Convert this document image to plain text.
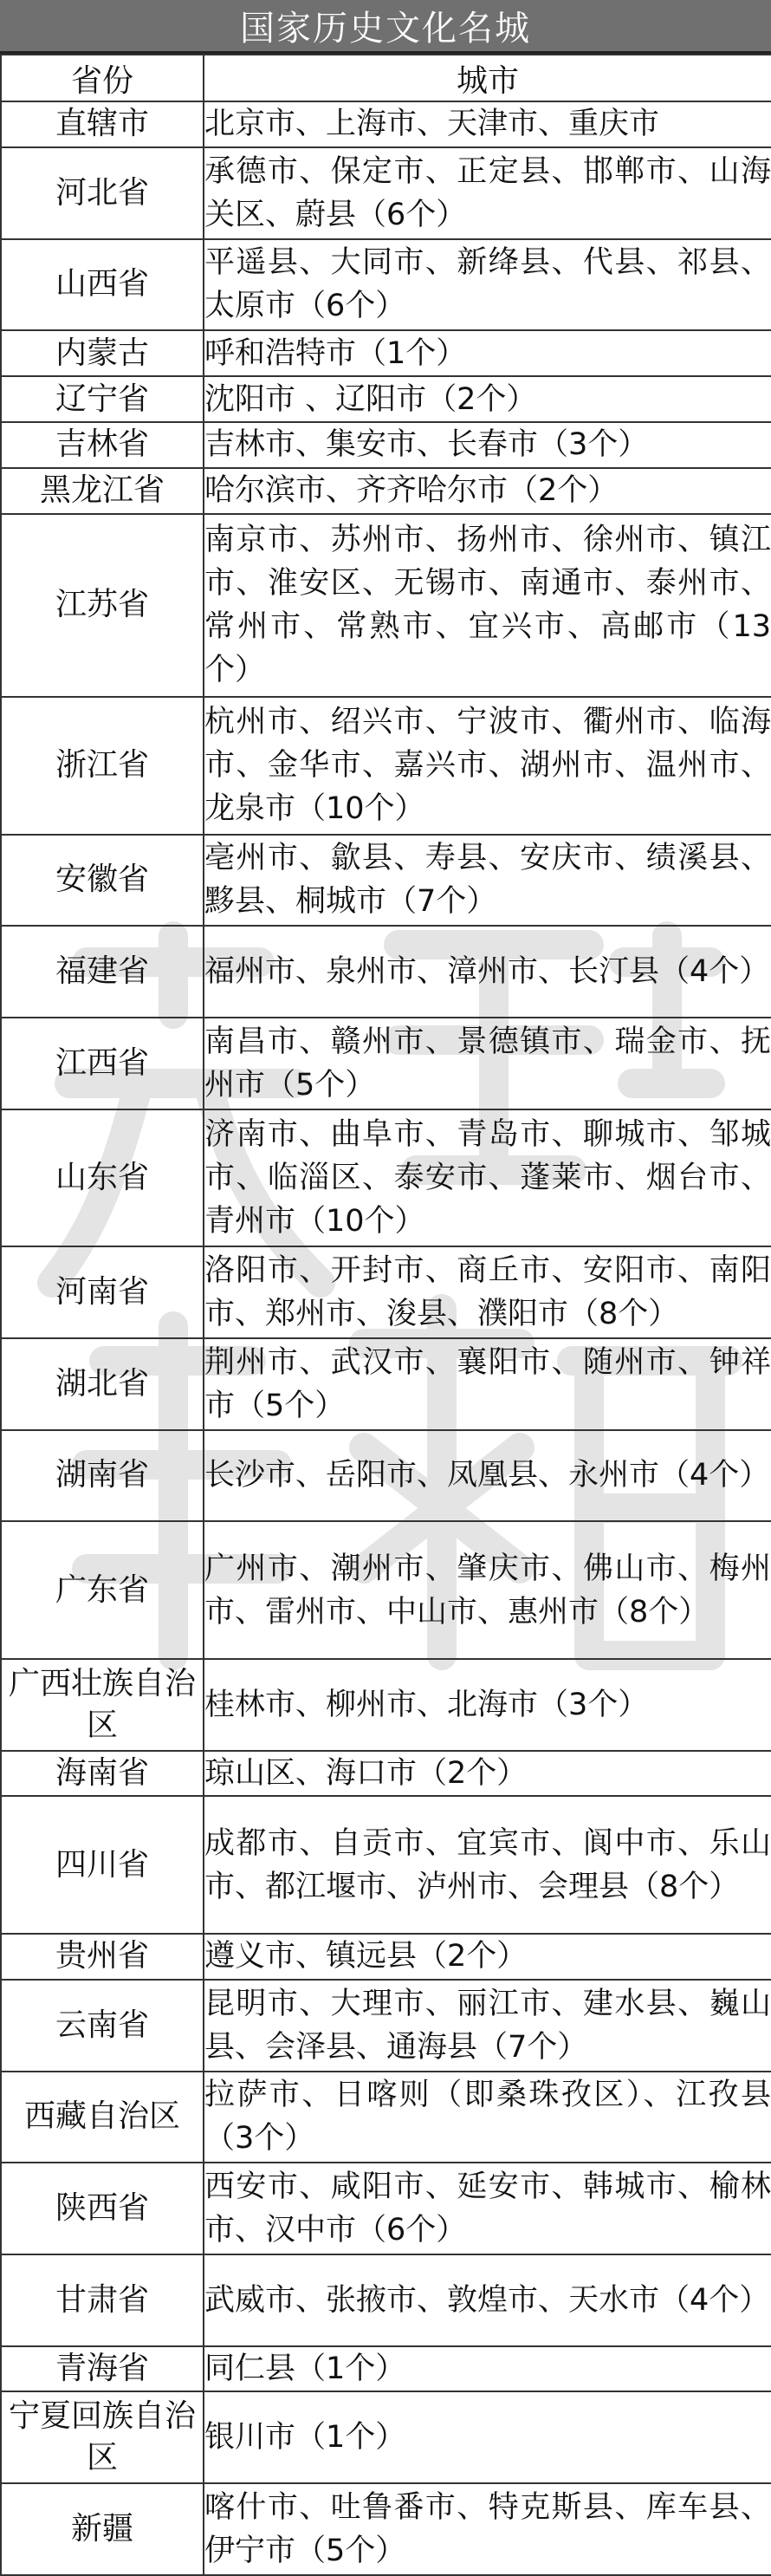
国家历史文化名城
省份	城市
直辖市	北京市、上海市、天津市、重庆市
河北省	承德市、保定市、正定县、邯郸市、山海关区、蔚县（6个）
山西省	平遥县、大同市、新绛县、代县、祁县、太原市（6个）
内蒙古	呼和浩特市（1个）
辽宁省	沈阳市 、辽阳市（2个）
吉林省	吉林市、集安市、长春市（3个）
黑龙江省	哈尔滨市、齐齐哈尔市（2个）
江苏省	南京市、苏州市、扬州市、徐州市、镇江市、淮安区、无锡市、南通市、泰州市、常州市、常熟市、宜兴市、高邮市（13个）
浙江省	杭州市、绍兴市、宁波市、衢州市、临海市、金华市、嘉兴市、湖州市、温州市、龙泉市（10个）
安徽省	亳州市、歙县、寿县、安庆市、绩溪县、黟县、桐城市（7个）
福建省	福州市、泉州市、漳州市、长汀县（4个）
江西省	南昌市、赣州市、景德镇市、瑞金市、抚州市（5个）
山东省	济南市、曲阜市、青岛市、聊城市、邹城市、临淄区、泰安市、蓬莱市、烟台市、青州市（10个）
河南省	洛阳市、开封市、商丘市、安阳市、南阳市、郑州市、浚县、濮阳市（8个）
湖北省	荆州市、武汉市、襄阳市、随州市、钟祥市（5个）
湖南省	长沙市、岳阳市、凤凰县、永州市（4个）
广东省	广州市、潮州市、肇庆市、佛山市、梅州市、雷州市、中山市、惠州市（8个）
广西壮族自治区	桂林市、柳州市、北海市（3个）
海南省	琼山区、海口市（2个）
四川省	成都市、自贡市、宜宾市、阆中市、乐山市、都江堰市、泸州市、会理县（8个）
贵州省	遵义市、镇远县（2个）
云南省	昆明市、大理市、丽江市、建水县、巍山县、会泽县、通海县（7个）
西藏自治区	拉萨市、日喀则（即桑珠孜区）、江孜县（3个）
陕西省	西安市、咸阳市、延安市、韩城市、榆林市、汉中市（6个）
甘肃省	武威市、张掖市、敦煌市、天水市（4个）
青海省	同仁县（1个）
宁夏回族自治区	银川市（1个）
新疆	喀什市、吐鲁番市、特克斯县、库车县、伊宁市（5个）
